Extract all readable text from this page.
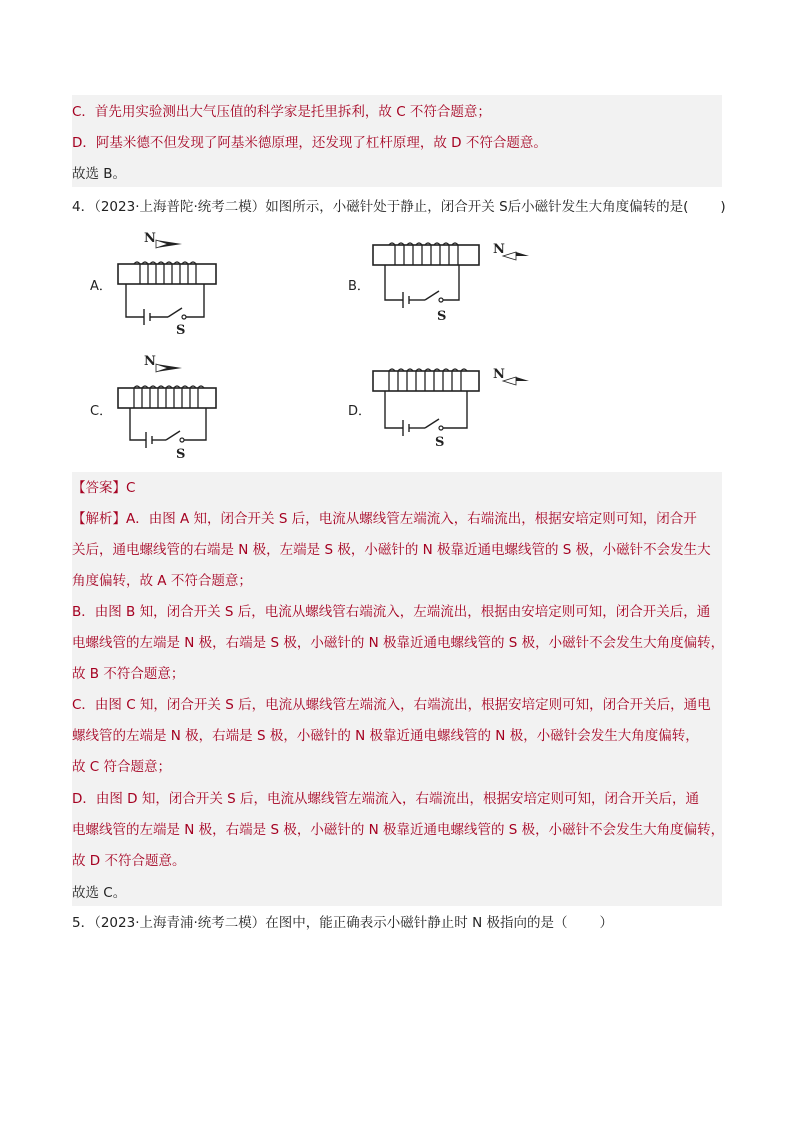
C．首先用实验测出大气压值的科学家是托里拆利，故 C 不符合题意；
D．阿基米德不但发现了阿基米德原理，还发现了杠杆原理，故 D 不符合题意。
故选 B。
4．（2023·上海普陀·统考二模）如图所示，小磁针处于静止，闭合开关 S后小磁针发生大角度偏转的是( )
A．
N
S
B．
N
S
C．
N
S
D．
N
S
【答案】C
【解析】A．由图 A 知，闭合开关 S 后，电流从螺线管左端流入，右端流出，根据安培定则可知，闭合开
关后，通电螺线管的右端是 N 极，左端是 S 极，小磁针的 N 极靠近通电螺线管的 S 极，小磁针不会发生大
角度偏转，故 A 不符合题意；
B．由图 B 知，闭合开关 S 后，电流从螺线管右端流入，左端流出，根据由安培定则可知，闭合开关后，通
电螺线管的左端是 N 极，右端是 S 极，小磁针的 N 极靠近通电螺线管的 S 极，小磁针不会发生大角度偏转，
故 B 不符合题意；
C．由图 C 知，闭合开关 S 后，电流从螺线管左端流入，右端流出，根据安培定则可知，闭合开关后，通电
螺线管的左端是 N 极，右端是 S 极，小磁针的 N 极靠近通电螺线管的 N 极，小磁针会发生大角度偏转，
故 C 符合题意；
D．由图 D 知，闭合开关 S 后，电流从螺线管左端流入，右端流出，根据安培定则可知，闭合开关后，通
电螺线管的左端是 N 极，右端是 S 极，小磁针的 N 极靠近通电螺线管的 S 极，小磁针不会发生大角度偏转，
故 D 不符合题意。
故选 C。
5．（2023·上海青浦·统考二模）在图中，能正确表示小磁针静止时 N 极指向的是（ ）
